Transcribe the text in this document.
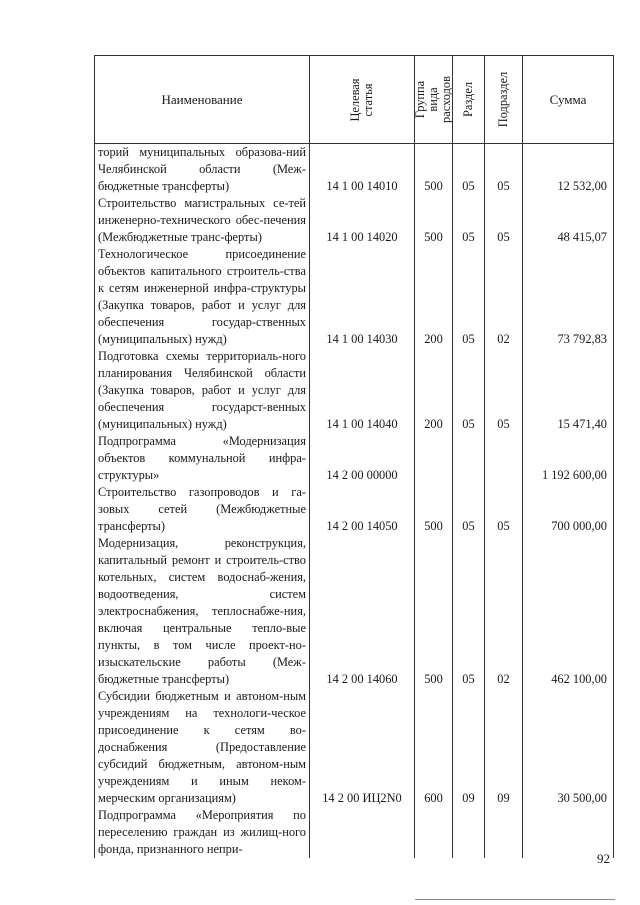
Наименование	Целевая статья	Группа вида расходов	Раздел	Подраздел	Сумма

торий муниципальных образова-ний Челябинской области (Меж-бюджетные трансферты)	14 1 00 14010	500	05	05	12 532,00

Строительство магистральных се-тей инженерно-технического обес-печения (Межбюджетные транс-ферты)	14 1 00 14020	500	05	05	48 415,07

Технологическое присоединение объектов капитального строитель-ства к сетям инженерной инфра-структуры (Закупка товаров, работ и услуг для обеспечения государ-ственных (муниципальных) нужд)	14 1 00 14030	200	05	02	73 792,83

Подготовка схемы территориаль-ного планирования Челябинской области (Закупка товаров, работ и услуг для обеспечения государст-венных (муниципальных) нужд)	14 1 00 14040	200	05	05	15 471,40

Подпрограмма «Модернизация объектов коммунальной инфра-структуры»	14 2 00 00000				1 192 600,00

Строительство газопроводов и га-зовых сетей (Межбюджетные трансферты)	14 2 00 14050	500	05	05	700 000,00

Модернизация, реконструкция, капитальный ремонт и строитель-ство котельных, систем водоснаб-жения, водоотведения, систем электроснабжения, теплоснабже-ния, включая центральные тепло-вые пункты, в том числе проект-но-изыскательские работы (Меж-бюджетные трансферты)	14 2 00 14060	500	05	02	462 100,00

Субсидии бюджетным и автоном-ным учреждениям на технологи-ческое присоединение к сетям во-доснабжения (Предоставление субсидий бюджетным, автоном-ным учреждениям и иным неком-мерческим организациям)	14 2 00 ИЦ2N0	600	09	09	30 500,00

Подпрограмма «Мероприятия по переселению граждан из жилищ-ного фонда, признанного непри-					

92
